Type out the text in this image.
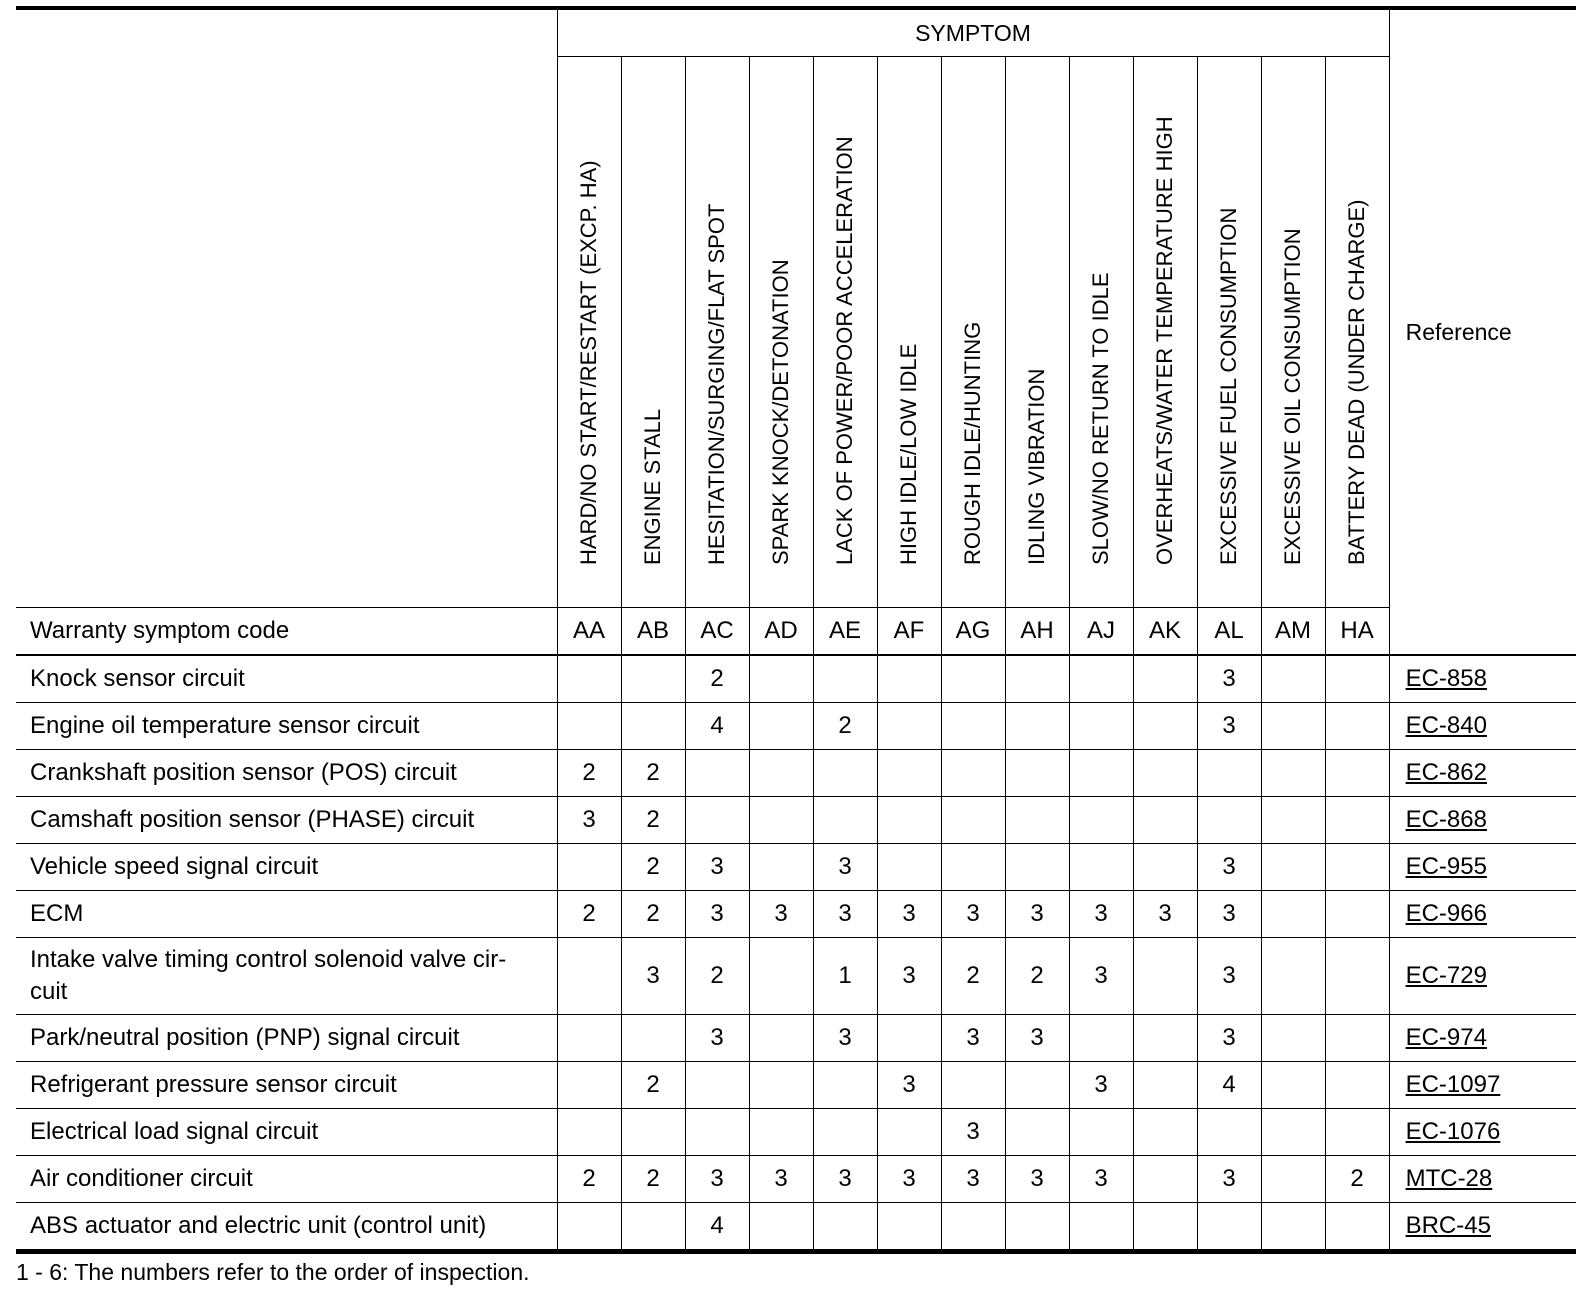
	SYMPTOM													Reference

	HARD/NO START/RESTART (EXCP. HA)	ENGINE STALL	HESITATION/SURGING/FLAT SPOT	SPARK KNOCK/DETONATION	LACK OF POWER/POOR ACCELERATION	HIGH IDLE/LOW IDLE	ROUGH IDLE/HUNTING	IDLING VIBRATION	SLOW/NO RETURN TO IDLE	OVERHEATS/WATER TEMPERATURE HIGH	EXCESSIVE FUEL CONSUMPTION	EXCESSIVE OIL CONSUMPTION	BATTERY DEAD (UNDER CHARGE)	

Warranty symptom code	AA	AB	AC	AD	AE	AF	AG	AH	AJ	AK	AL	AM	HA	
Knock sensor circuit			2								3			EC-858
Engine oil temperature sensor circuit			4		2						3			EC-840
Crankshaft position sensor (POS) circuit	2	2												EC-862
Camshaft position sensor (PHASE) circuit	3	2												EC-868
Vehicle speed signal circuit		2	3		3						3			EC-955
ECM	2	2	3	3	3	3	3	3	3	3	3			EC-966
Intake valve timing control solenoid valve cir-
cuit		3	2		1	3	2	2	3		3			EC-729
Park/neutral position (PNP) signal circuit			3		3		3	3			3			EC-974
Refrigerant pressure sensor circuit		2				3			3		4			EC-1097
Electrical load signal circuit							3							EC-1076
Air conditioner circuit	2	2	3	3	3	3	3	3	3		3		2	MTC-28
ABS actuator and electric unit (control unit)			4											BRC-45
1 - 6: The numbers refer to the order of inspection.
